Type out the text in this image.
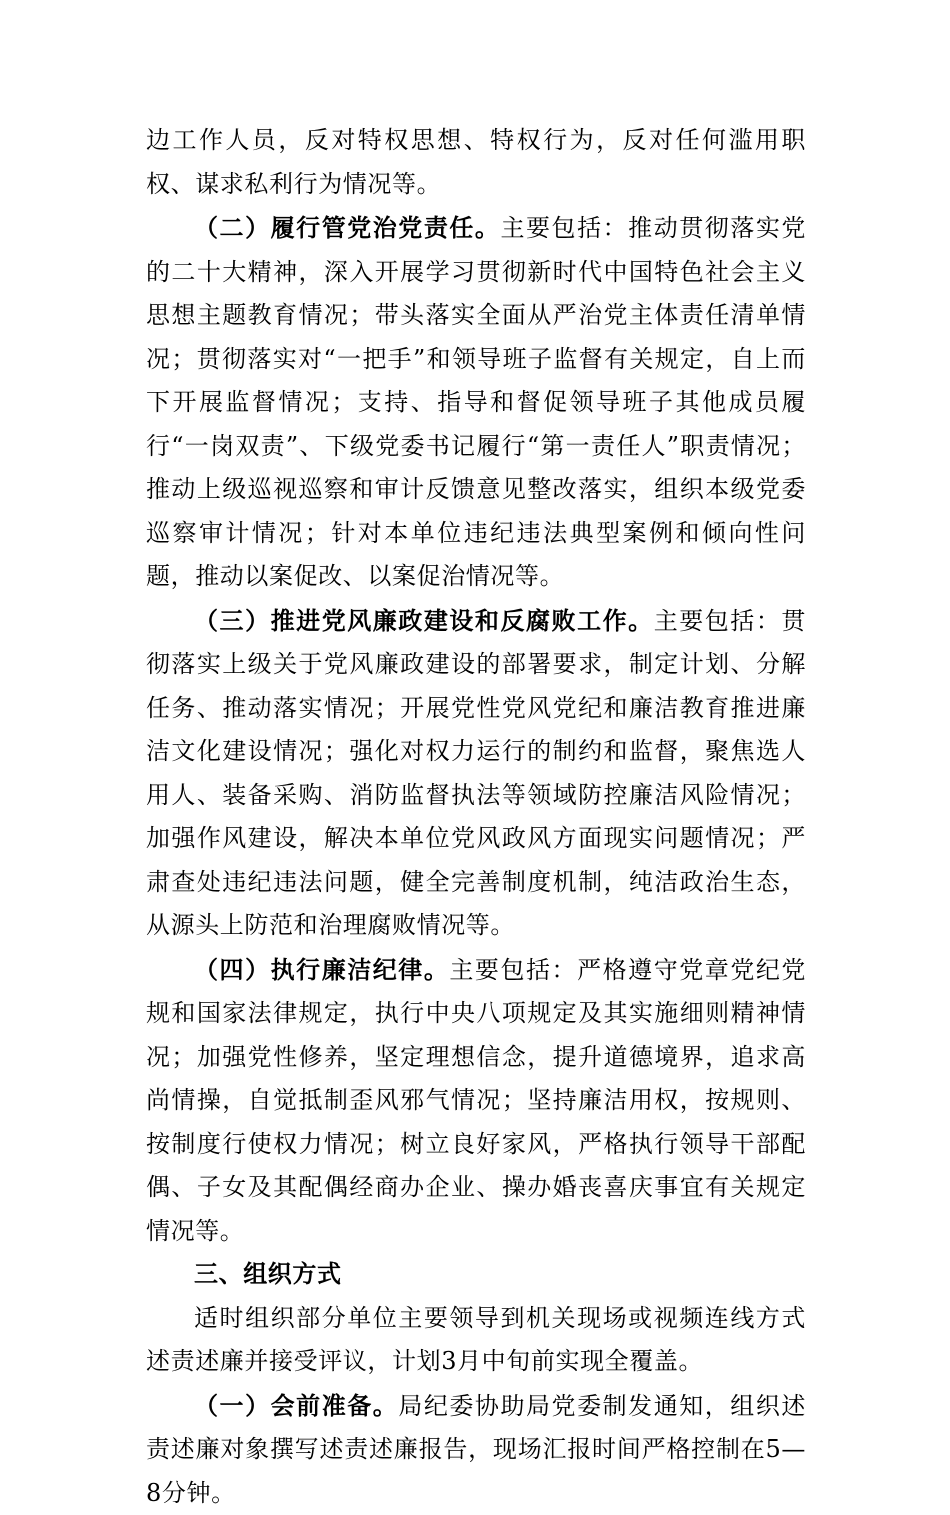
边工作人员，反对特权思想、特权行为，反对任何滥用职权、谋求私利行为情况等。

（二）履行管党治党责任。主要包括：推动贯彻落实党的二十大精神，深入开展学习贯彻新时代中国特色社会主义思想主题教育情况；带头落实全面从严治党主体责任清单情况；贯彻落实对“一把手”和领导班子监督有关规定，自上而下开展监督情况；支持、指导和督促领导班子其他成员履行“一岗双责”、下级党委书记履行“第一责任人”职责情况；推动上级巡视巡察和审计反馈意见整改落实，组织本级党委巡察审计情况；针对本单位违纪违法典型案例和倾向性问题，推动以案促改、以案促治情况等。

（三）推进党风廉政建设和反腐败工作。主要包括：贯彻落实上级关于党风廉政建设的部署要求，制定计划、分解任务、推动落实情况；开展党性党风党纪和廉洁教育推进廉洁文化建设情况；强化对权力运行的制约和监督，聚焦选人用人、装备采购、消防监督执法等领域防控廉洁风险情况；加强作风建设，解决本单位党风政风方面现实问题情况；严肃查处违纪违法问题，健全完善制度机制，纯洁政治生态，从源头上防范和治理腐败情况等。

（四）执行廉洁纪律。主要包括：严格遵守党章党纪党规和国家法律规定，执行中央八项规定及其实施细则精神情况；加强党性修养，坚定理想信念，提升道德境界，追求高尚情操，自觉抵制歪风邪气情况；坚持廉洁用权，按规则、按制度行使权力情况；树立良好家风，严格执行领导干部配偶、子女及其配偶经商办企业、操办婚丧喜庆事宜有关规定情况等。

三、组织方式

适时组织部分单位主要领导到机关现场或视频连线方式述责述廉并接受评议，计划3月中旬前实现全覆盖。

（一）会前准备。局纪委协助局党委制发通知，组织述责述廉对象撰写述责述廉报告，现场汇报时间严格控制在5—8分钟。
